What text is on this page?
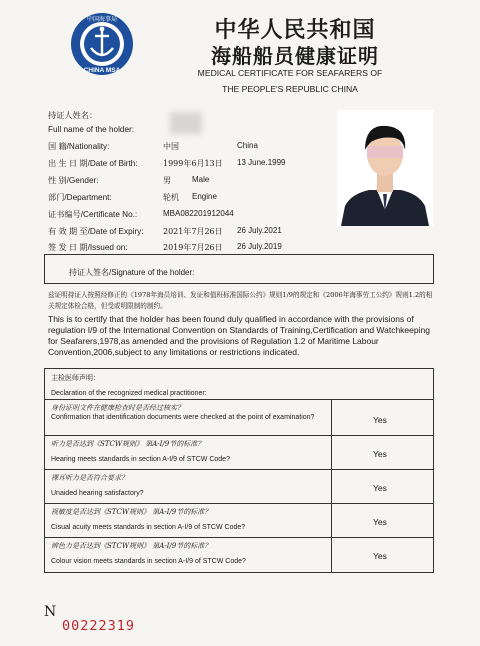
中国海事局
CHINA MSA
中华人民共和国
海船船员健康证明
MEDICAL CERTIFICATE FOR SEAFARERS OF
THE PEOPLE'S REPUBLIC CHINA
持证人姓名：
Full name of the holder:
国 籍/Nationality:	中国	China
出 生 日 期/Date of Birth:	1999年6月13日 13 June.1999
性 别/Gender:	男	Male
部门/Department:	轮机 Engine
证书编号/Certificate No.:	MBA082201912044
有 效 期 至/Date of Expiry: 2021年7月26日 26 July.2021
签 发 日 期/Issued on:	2019年7月26日 26 July.2019
持证人签名/Signature of the holder:
兹证明持证人按照经修正的《1978年海员培训、发证和值班标准国际公约》规则1/9的规定和《2006年海事劳工公约》规则1.2的相关规定体检合格，但受或明限制的制约。
This is to certify that the holder has been found duly qualified in accordance with the provisions of regulation I/9 of the International Convention on Standards of Training,Certification and Watchkeeping for Seafarers,1978,as amended and the provisions of Regulation 1.2 of Maritime Labour Convention,2006,subject to any limitations or restrictions indicated.
主检医师声明：
Declaration of the recognized medical practitioner:
身份证明文件在健康检查时是否经过核实？
Confirmation that identification documents were checked at the point of examination?	Yes
听力是否达到《STCW规则》 第A-I/9节的标准？
Hearing meets standards in section A-I/9 of STCW Code?
Yes
裸耳听力是否符合要求？
Unaided hearing satisfactory?
Yes
视敏度是否达到《STCW规则》 第A-I/9节的标准？
Cisual acuity meets standards in section A-I/9 of STCW Code?
Yes
辨色力是否达到《STCW规则》 第A-I/9节的标准？
Colour vision meets standards in section A-I/9 of STCW Code?
Yes
N
00222319
